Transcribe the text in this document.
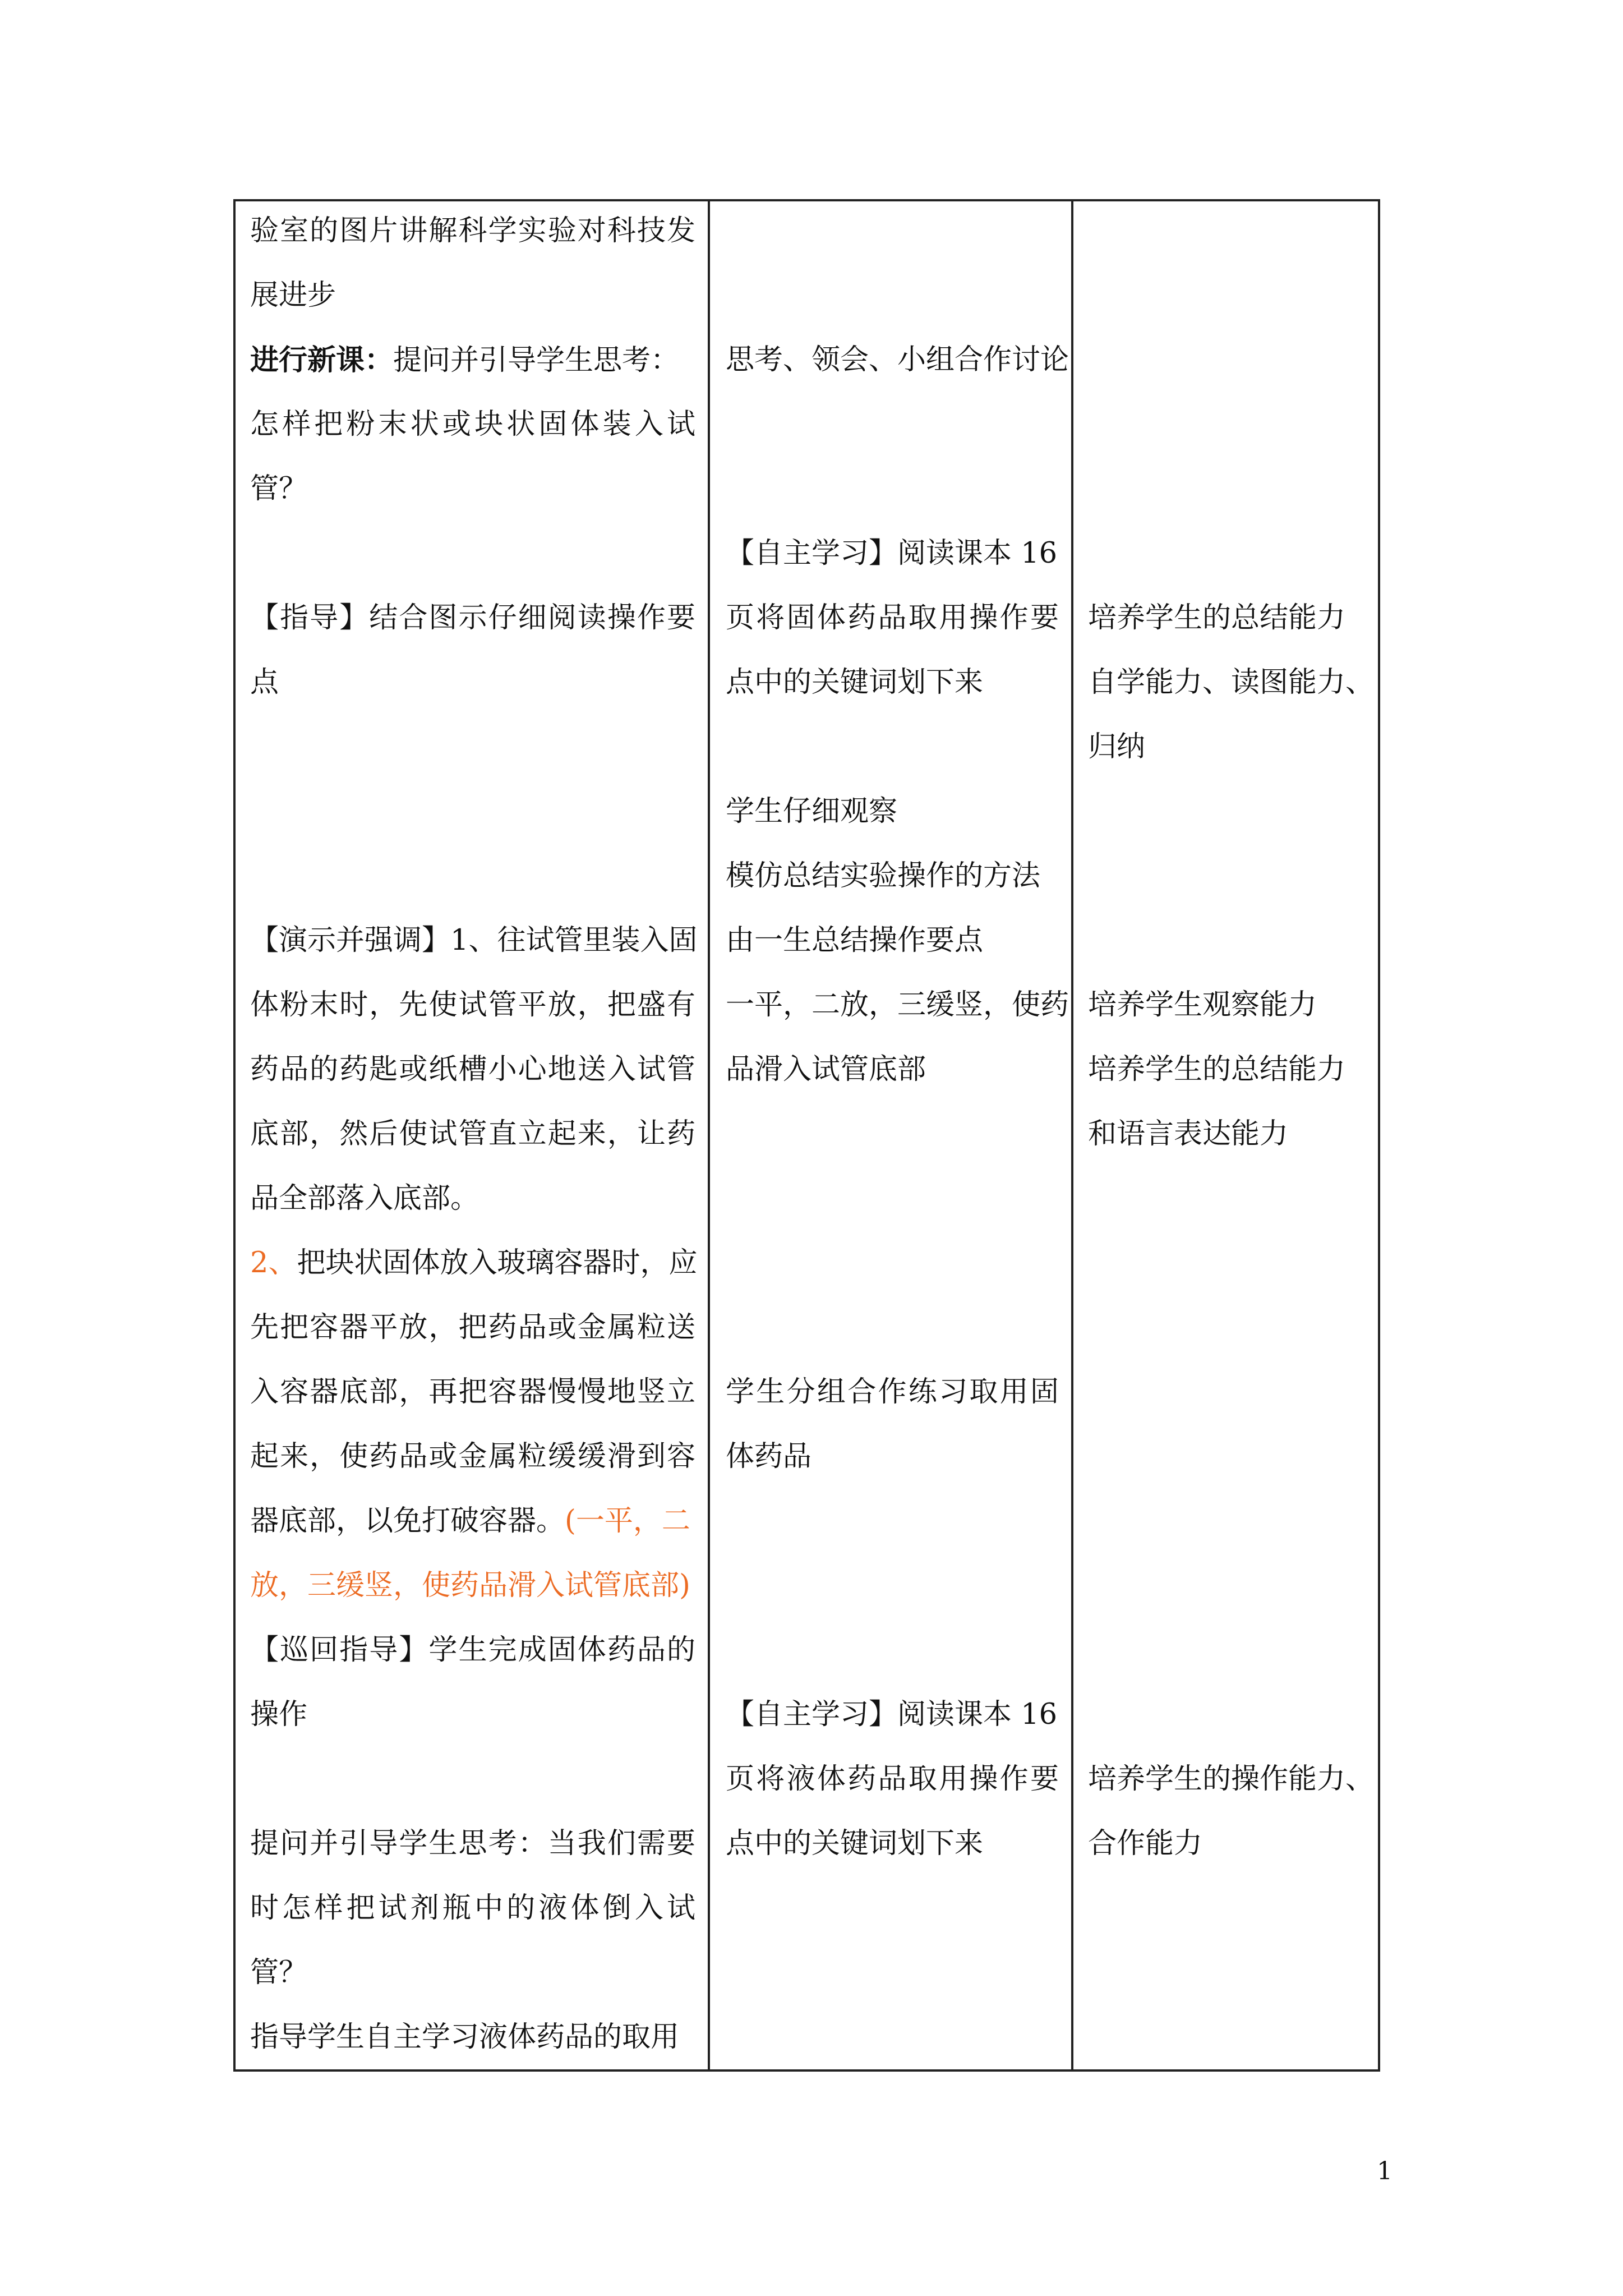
验室的图片讲解科学实验对科技发
展进步
进行新课：提问并引导学生思考：
怎样把粉末状或块状固体装入试
管？
【指导】结合图示仔细阅读操作要
点
【演示并强调】1、往试管里装入固
体粉末时，先使试管平放，把盛有
药品的药匙或纸槽小心地送入试管
底部，然后使试管直立起来，让药
品全部落入底部。
2、把块状固体放入玻璃容器时，应
先把容器平放，把药品或金属粒送
入容器底部，再把容器慢慢地竖立
起来，使药品或金属粒缓缓滑到容
器底部，以免打破容器。(一平，二
放，三缓竖，使药品滑入试管底部)
【巡回指导】学生完成固体药品的
操作
提问并引导学生思考：当我们需要
时怎样把试剂瓶中的液体倒入试
管？
指导学生自主学习液体药品的取用
思考、领会、小组合作讨论
【自主学习】阅读课本 16
页将固体药品取用操作要
点中的关键词划下来
学生仔细观察
模仿总结实验操作的方法
由一生总结操作要点
一平，二放，三缓竖，使药
品滑入试管底部
学生分组合作练习取用固
体药品
【自主学习】阅读课本 16
页将液体药品取用操作要
点中的关键词划下来
培养学生的总结能力
自学能力、读图能力、
归纳
培养学生观察能力
培养学生的总结能力
和语言表达能力
培养学生的操作能力、
合作能力
1
